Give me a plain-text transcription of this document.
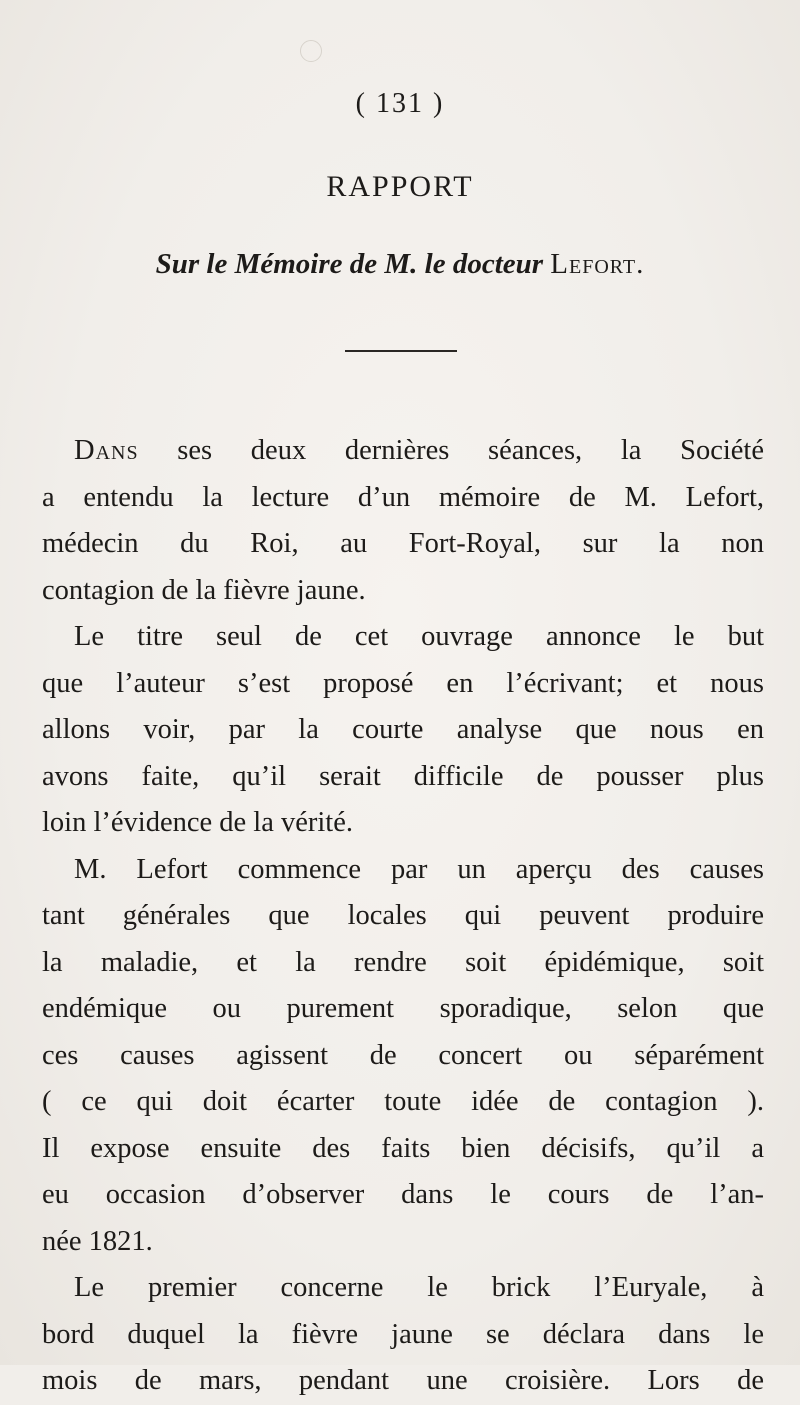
( 131 )
RAPPORT
Sur le Mémoire de M. le docteur Lefort.
Dans ses deux dernières séances, la Société
a entendu la lecture d’un mémoire de M. Lefort,
médecin du Roi, au Fort-Royal, sur la non
contagion de la fièvre jaune.
Le titre seul de cet ouvrage annonce le but
que l’auteur s’est proposé en l’écrivant; et nous
allons voir, par la courte analyse que nous en
avons faite, qu’il serait difficile de pousser plus
loin l’évidence de la vérité.
M. Lefort commence par un aperçu des causes
tant générales que locales qui peuvent produire
la maladie, et la rendre soit épidémique, soit
endémique ou purement sporadique, selon que
ces causes agissent de concert ou séparément
( ce qui doit écarter toute idée de contagion ).
Il expose ensuite des faits bien décisifs, qu’il a
eu occasion d’observer dans le cours de l’an-
née 1821.
Le premier concerne le brick l’Euryale, à
bord duquel la fièvre jaune se déclara dans le
mois de mars, pendant une croisière. Lors de
